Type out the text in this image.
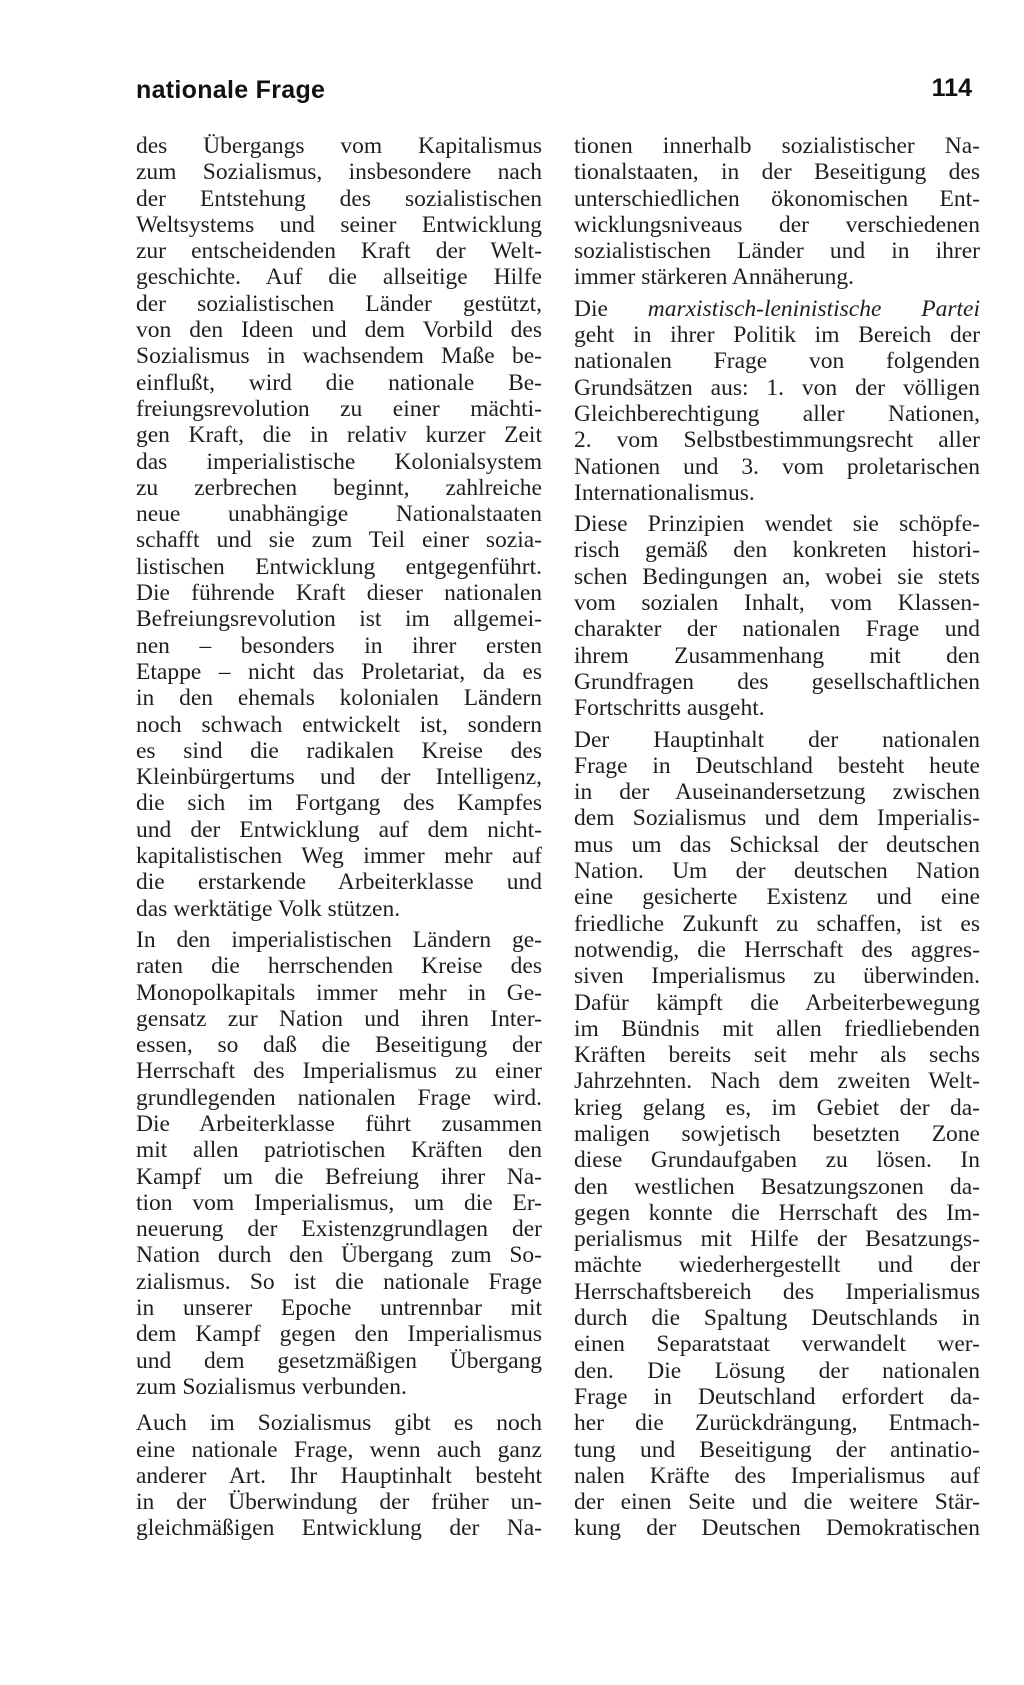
nationale Frage	114
des Übergangs vom Kapitalismus
zum Sozialismus, insbesondere nach
der Entstehung des sozialistischen
Weltsystems und seiner Entwicklung
zur entscheidenden Kraft der Welt-
geschichte. Auf die allseitige Hilfe
der sozialistischen Länder gestützt,
von den Ideen und dem Vorbild des
Sozialismus in wachsendem Maße be-
einflußt, wird die nationale Be-
freiungsrevolution zu einer mächti-
gen Kraft, die in relativ kurzer Zeit
das imperialistische Kolonialsystem
zu zerbrechen beginnt, zahlreiche
neue unabhängige Nationalstaaten
schafft und sie zum Teil einer sozia-
listischen Entwicklung entgegenführt.
Die führende Kraft dieser nationalen
Befreiungsrevolution ist im allgemei-
nen – besonders in ihrer ersten
Etappe – nicht das Proletariat, da es
in den ehemals kolonialen Ländern
noch schwach entwickelt ist, sondern
es sind die radikalen Kreise des
Kleinbürgertums und der Intelligenz,
die sich im Fortgang des Kampfes
und der Entwicklung auf dem nicht-
kapitalistischen Weg immer mehr auf
die erstarkende Arbeiterklasse und
das werktätige Volk stützen.
In den imperialistischen Ländern ge-
raten die herrschenden Kreise des
Monopolkapitals immer mehr in Ge-
gensatz zur Nation und ihren Inter-
essen, so daß die Beseitigung der
Herrschaft des Imperialismus zu einer
grundlegenden nationalen Frage wird.
Die Arbeiterklasse führt zusammen
mit allen patriotischen Kräften den
Kampf um die Befreiung ihrer Na-
tion vom Imperialismus, um die Er-
neuerung der Existenzgrundlagen der
Nation durch den Übergang zum So-
zialismus. So ist die nationale Frage
in unserer Epoche untrennbar mit
dem Kampf gegen den Imperialismus
und dem gesetzmäßigen Übergang
zum Sozialismus verbunden.
Auch im Sozialismus gibt es noch
eine nationale Frage, wenn auch ganz
anderer Art. Ihr Hauptinhalt besteht
in der Überwindung der früher un-
gleichmäßigen Entwicklung der Na-
tionen innerhalb sozialistischer Na-
tionalstaaten, in der Beseitigung des
unterschiedlichen ökonomischen Ent-
wicklungsniveaus der verschiedenen
sozialistischen Länder und in ihrer
immer stärkeren Annäherung.
Die marxistisch-leninistische Partei
geht in ihrer Politik im Bereich der
nationalen Frage von folgenden
Grundsätzen aus: 1. von der völligen
Gleichberechtigung aller Nationen,
2. vom Selbstbestimmungsrecht aller
Nationen und 3. vom proletarischen
Internationalismus.
Diese Prinzipien wendet sie schöpfe-
risch gemäß den konkreten histori-
schen Bedingungen an, wobei sie stets
vom sozialen Inhalt, vom Klassen-
charakter der nationalen Frage und
ihrem Zusammenhang mit den
Grundfragen des gesellschaftlichen
Fortschritts ausgeht.
Der Hauptinhalt der nationalen
Frage in Deutschland besteht heute
in der Auseinandersetzung zwischen
dem Sozialismus und dem Imperialis-
mus um das Schicksal der deutschen
Nation. Um der deutschen Nation
eine gesicherte Existenz und eine
friedliche Zukunft zu schaffen, ist es
notwendig, die Herrschaft des aggres-
siven Imperialismus zu überwinden.
Dafür kämpft die Arbeiterbewegung
im Bündnis mit allen friedliebenden
Kräften bereits seit mehr als sechs
Jahrzehnten. Nach dem zweiten Welt-
krieg gelang es, im Gebiet der da-
maligen sowjetisch besetzten Zone
diese Grundaufgaben zu lösen. In
den westlichen Besatzungszonen da-
gegen konnte die Herrschaft des Im-
perialismus mit Hilfe der Besatzungs-
mächte wiederhergestellt und der
Herrschaftsbereich des Imperialismus
durch die Spaltung Deutschlands in
einen Separatstaat verwandelt wer-
den. Die Lösung der nationalen
Frage in Deutschland erfordert da-
her die Zurückdrängung, Entmach-
tung und Beseitigung der antinatio-
nalen Kräfte des Imperialismus auf
der einen Seite und die weitere Stär-
kung der Deutschen Demokratischen
